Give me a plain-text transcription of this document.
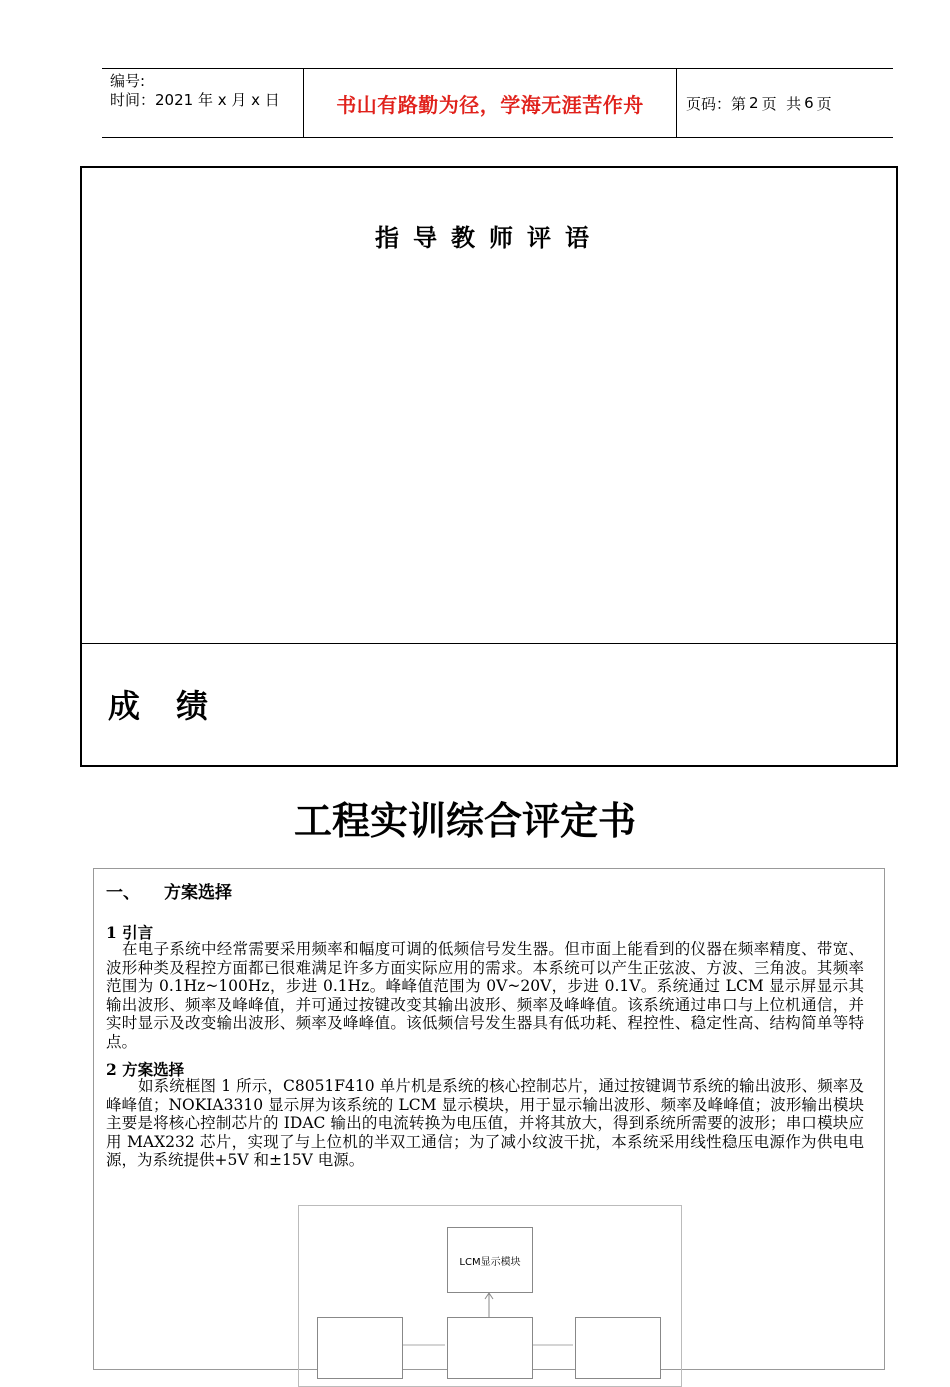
编号:
时间：2021 年 x 月 x 日	书山有路勤为径，学海无涯苦作舟	页码：第 2 页  共 6 页
指导教师评语
成绩
工程实训综合评定书
一、 方案选择
1 引言
在电子系统中经常需要采用频率和幅度可调的低频信号发生器。但市面上能看到的仪器在频率精度、带宽、波形种类及程控方面都已很难满足许多方面实际应用的需求。本系统可以产生正弦波、方波、三角波。其频率范围为 0.1Hz~100Hz，步进 0.1Hz。峰峰值范围为 0V~20V，步进 0.1V。系统通过 LCM 显示屏显示其输出波形、频率及峰峰值，并可通过按键改变其输出波形、频率及峰峰值。该系统通过串口与上位机通信，并实时显示及改变输出波形、频率及峰峰值。该低频信号发生器具有低功耗、程控性、稳定性高、结构简单等特点。
2 方案选择
如系统框图 1 所示，C8051F410 单片机是系统的核心控制芯片，通过按键调节系统的输出波形、频率及峰峰值；NOKIA3310 显示屏为该系统的 LCM 显示模块，用于显示输出波形、频率及峰峰值；波形输出模块主要是将核心控制芯片的 IDAC 输出的电流转换为电压值，并将其放大，得到系统所需要的波形；串口模块应用 MAX232 芯片，实现了与上位机的半双工通信；为了减小纹波干扰，本系统采用线性稳压电源作为供电电源，为系统提供+5V 和±15V 电源。
LCM显示模块
